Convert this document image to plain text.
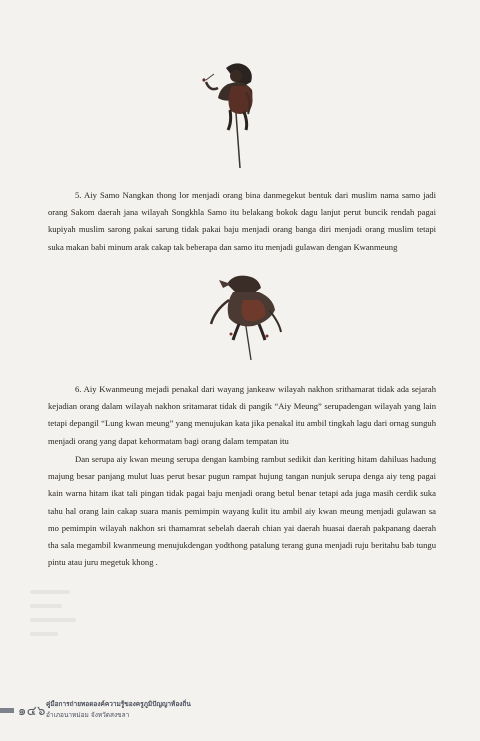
5. Aiy Samo Nangkan thong lor menjadi orang bina danmegekut bentuk dari muslim nama samo jadi orang Sakom daerah jana wilayah Songkhla Samo itu belakang bokok dagu lanjut perut buncik rendah pagai kupiyah muslim sarong pakai sarung tidak pakai baju menjadi orang banga diri menjadi orang muslim tetapi suka makan babi minum arak cakap tak beberapa dan samo itu menjadi gulawan dengan Kwanmeung
6. Aiy Kwanmeung mejadi penakal dari wayang jankeaw wilayah nakhon srithamarat tidak ada sejarah kejadian orang dalam wilayah nakhon sritamarat tidak di pangik “Aiy Meung” serupadengan wilayah yang lain tetapi depangil “Lung kwan meung” yang menujukan kata jika penakal itu ambil tingkah lagu dari ornag sunguh menjadi orang yang dapat kehormatam bagi orang dalam tempatan itu
Dan serupa aiy kwan meung serupa dengan kambing rambut sedikit dan keriting hitam dahiluas hadung majung besar panjang mulut luas perut besar pugun rampat hujung tangan nunjuk serupa denga aiy teng pagai kain warna hitam ikat tali pingan tidak pagai baju menjadi orang betul benar tetapi ada juga masih cerdik suka tahu hal orang lain cakap suara manis pemimpin wayang kulit itu ambil aiy kwan meung menjadi gulawan sa mo pemimpin wilayah nakhon sri thamamrat sebelah daerah chian yai daerah huasai daerah pakpanang daerah tha sala megambil kwanmeung menujukdengan yodthong patalung terang guna menjadi ruju beritahu bab tungu pintu atau juru megetuk khong .
๑๔๖ คู่มือการถ่ายทอดองค์ความรู้ของครูภูมิปัญญาท้องถิ่น
อำเภอนาหม่อม จังหวัดสงขลา
